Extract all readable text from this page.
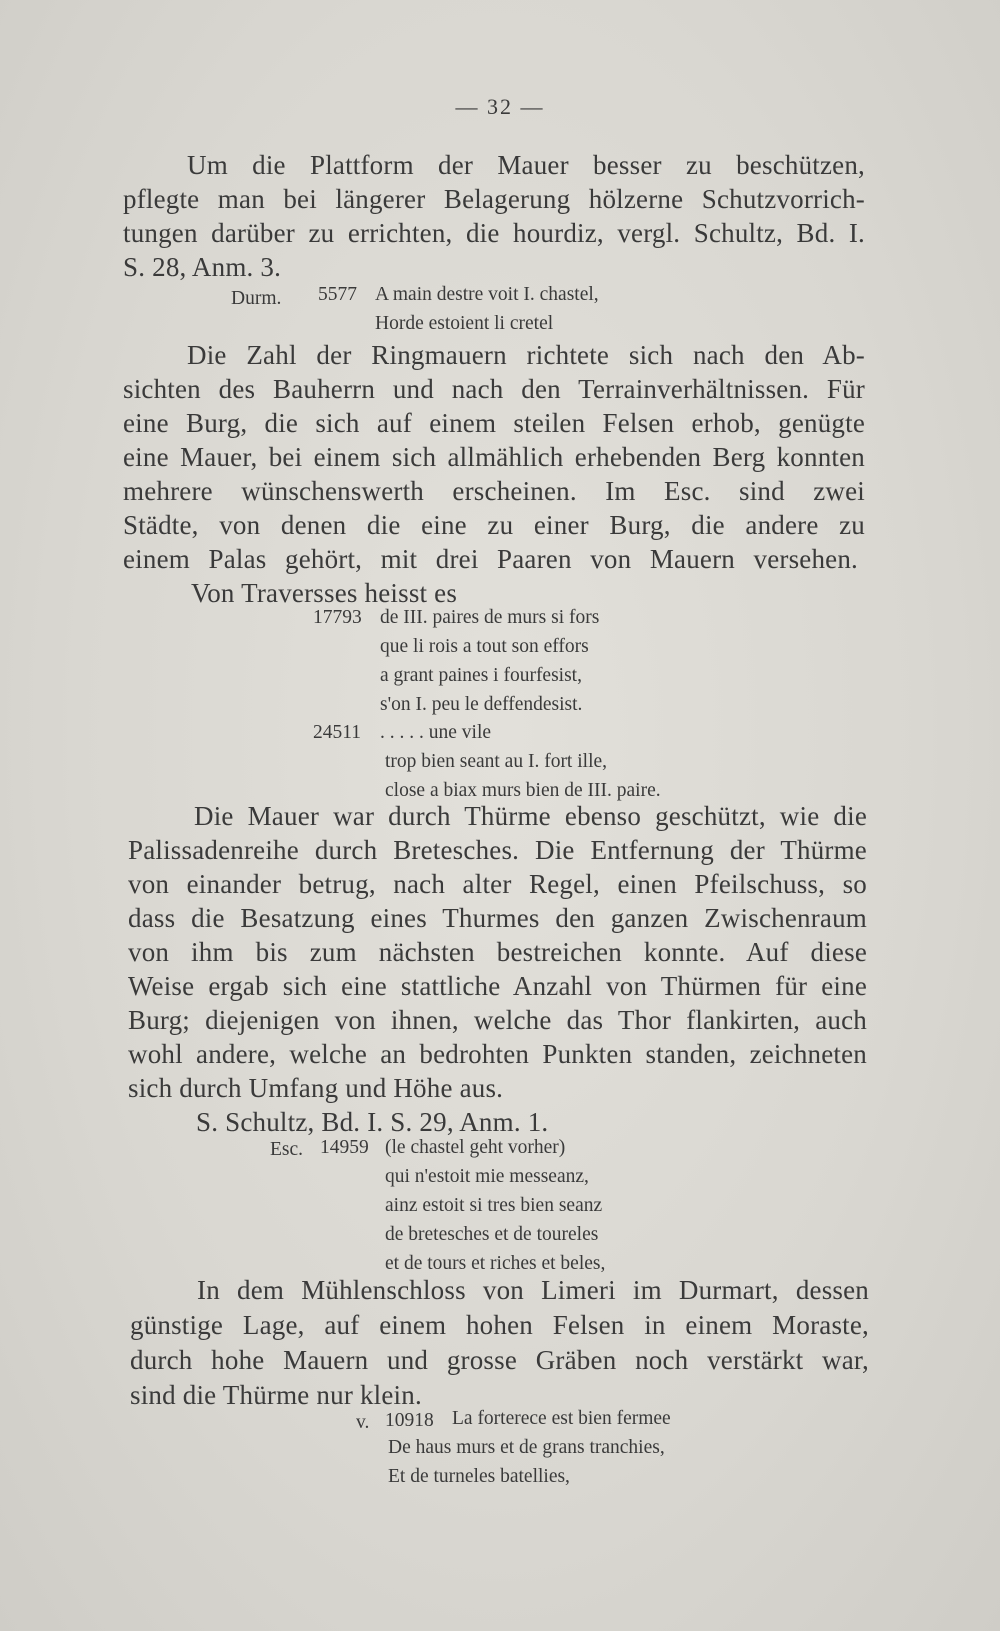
— 32 —
Um die Plattform der Mauer besser zu beschützen,
pflegte man bei längerer Belagerung hölzerne Schutzvorrich-
tungen darüber zu errichten, die hourdiz, vergl. Schultz, Bd. I.
S. 28, Anm. 3.
Durm. 5577 A main destre voit I. chastel,
Horde estoient li cretel
Die Zahl der Ringmauern richtete sich nach den Ab-
sichten des Bauherrn und nach den Terrainverhältnissen. Für
eine Burg, die sich auf einem steilen Felsen erhob, genügte
eine Mauer, bei einem sich allmählich erhebenden Berg konnten
mehrere wünschenswerth erscheinen. Im Esc. sind zwei
Städte, von denen die eine zu einer Burg, die andere zu
einem Palas gehört, mit drei Paaren von Mauern versehen.
Von Traversses heisst es
17793 de III. paires de murs si fors
que li rois a tout son effors
a grant paines i fourfesist,
s'on I. peu le deffendesist.
24511 . . . . . une vile
trop bien seant au I. fort ille,
close a biax murs bien de III. paire.
Die Mauer war durch Thürme ebenso geschützt, wie die
Palissadenreihe durch Bretesches. Die Entfernung der Thürme
von einander betrug, nach alter Regel, einen Pfeilschuss, so
dass die Besatzung eines Thurmes den ganzen Zwischenraum
von ihm bis zum nächsten bestreichen konnte. Auf diese
Weise ergab sich eine stattliche Anzahl von Thürmen für eine
Burg; diejenigen von ihnen, welche das Thor flankirten, auch
wohl andere, welche an bedrohten Punkten standen, zeichneten
sich durch Umfang und Höhe aus.
S. Schultz, Bd. I. S. 29, Anm. 1.
Esc. 14959 (le chastel geht vorher)
qui n'estoit mie messeanz,
ainz estoit si tres bien seanz
de bretesches et de toureles
et de tours et riches et beles,
In dem Mühlenschloss von Limeri im Durmart, dessen
günstige Lage, auf einem hohen Felsen in einem Moraste,
durch hohe Mauern und grosse Gräben noch verstärkt war,
sind die Thürme nur klein.
v. 10918 La forterece est bien fermee
De haus murs et de grans tranchies,
Et de turneles batellies,
